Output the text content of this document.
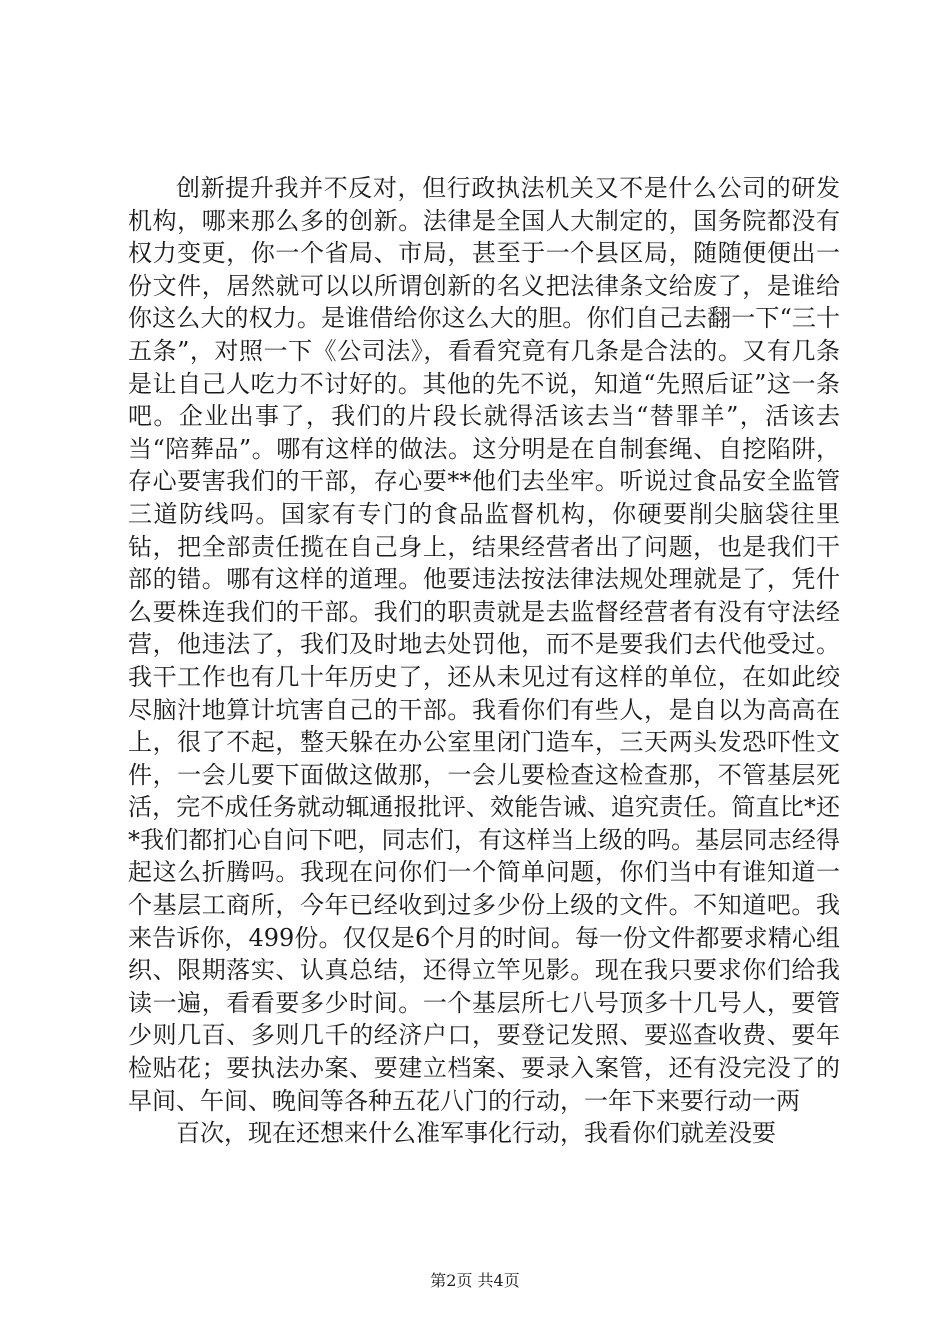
创新提升我并不反对，但行政执法机关又不是什么公司的研发机构，哪来那么多的创新。法律是全国人大制定的，国务院都没有权力变更，你一个省局、市局，甚至于一个县区局，随随便便出一份文件，居然就可以以所谓创新的名义把法律条文给废了，是谁给你这么大的权力。是谁借给你这么大的胆。你们自己去翻一下“三十五条”，对照一下《公司法》，看看究竟有几条是合法的。又有几条是让自己人吃力不讨好的。其他的先不说，知道“先照后证”这一条吧。企业出事了，我们的片段长就得活该去当“替罪羊”，活该去当“陪葬品”。哪有这样的做法。这分明是在自制套绳、自挖陷阱，存心要害我们的干部，存心要**他们去坐牢。听说过食品安全监管三道防线吗。国家有专门的食品监督机构，你硬要削尖脑袋往里钻，把全部责任揽在自己身上，结果经营者出了问题，也是我们干部的错。哪有这样的道理。他要违法按法律法规处理就是了，凭什么要株连我们的干部。我们的职责就是去监督经营者有没有守法经营，他违法了，我们及时地去处罚他，而不是要我们去代他受过。我干工作也有几十年历史了，还从未见过有这样的单位，在如此绞尽脑汁地算计坑害自己的干部。我看你们有些人，是自以为高高在上，很了不起，整天躲在办公室里闭门造车，三天两头发恐吓性文件，一会儿要下面做这做那，一会儿要检查这检查那，不管基层死活，完不成任务就动辄通报批评、效能告诫、追究责任。简直比*还*我们都扪心自问下吧，同志们，有这样当上级的吗。基层同志经得起这么折腾吗。我现在问你们一个简单问题，你们当中有谁知道一个基层工商所，今年已经收到过多少份上级的文件。不知道吧。我来告诉你，499份。仅仅是6个月的时间。每一份文件都要求精心组织、限期落实、认真总结，还得立竿见影。现在我只要求你们给我读一遍，看看要多少时间。一个基层所七八号顶多十几号人，要管少则几百、多则几千的经济户口，要登记发照、要巡查收费、要年检贴花；要执法办案、要建立档案、要录入案管，还有没完没了的早间、午间、晚间等各种五花八门的行动，一年下来要行动一两

百次，现在还想来什么准军事化行动，我看你们就差没要

第2页 共4页
